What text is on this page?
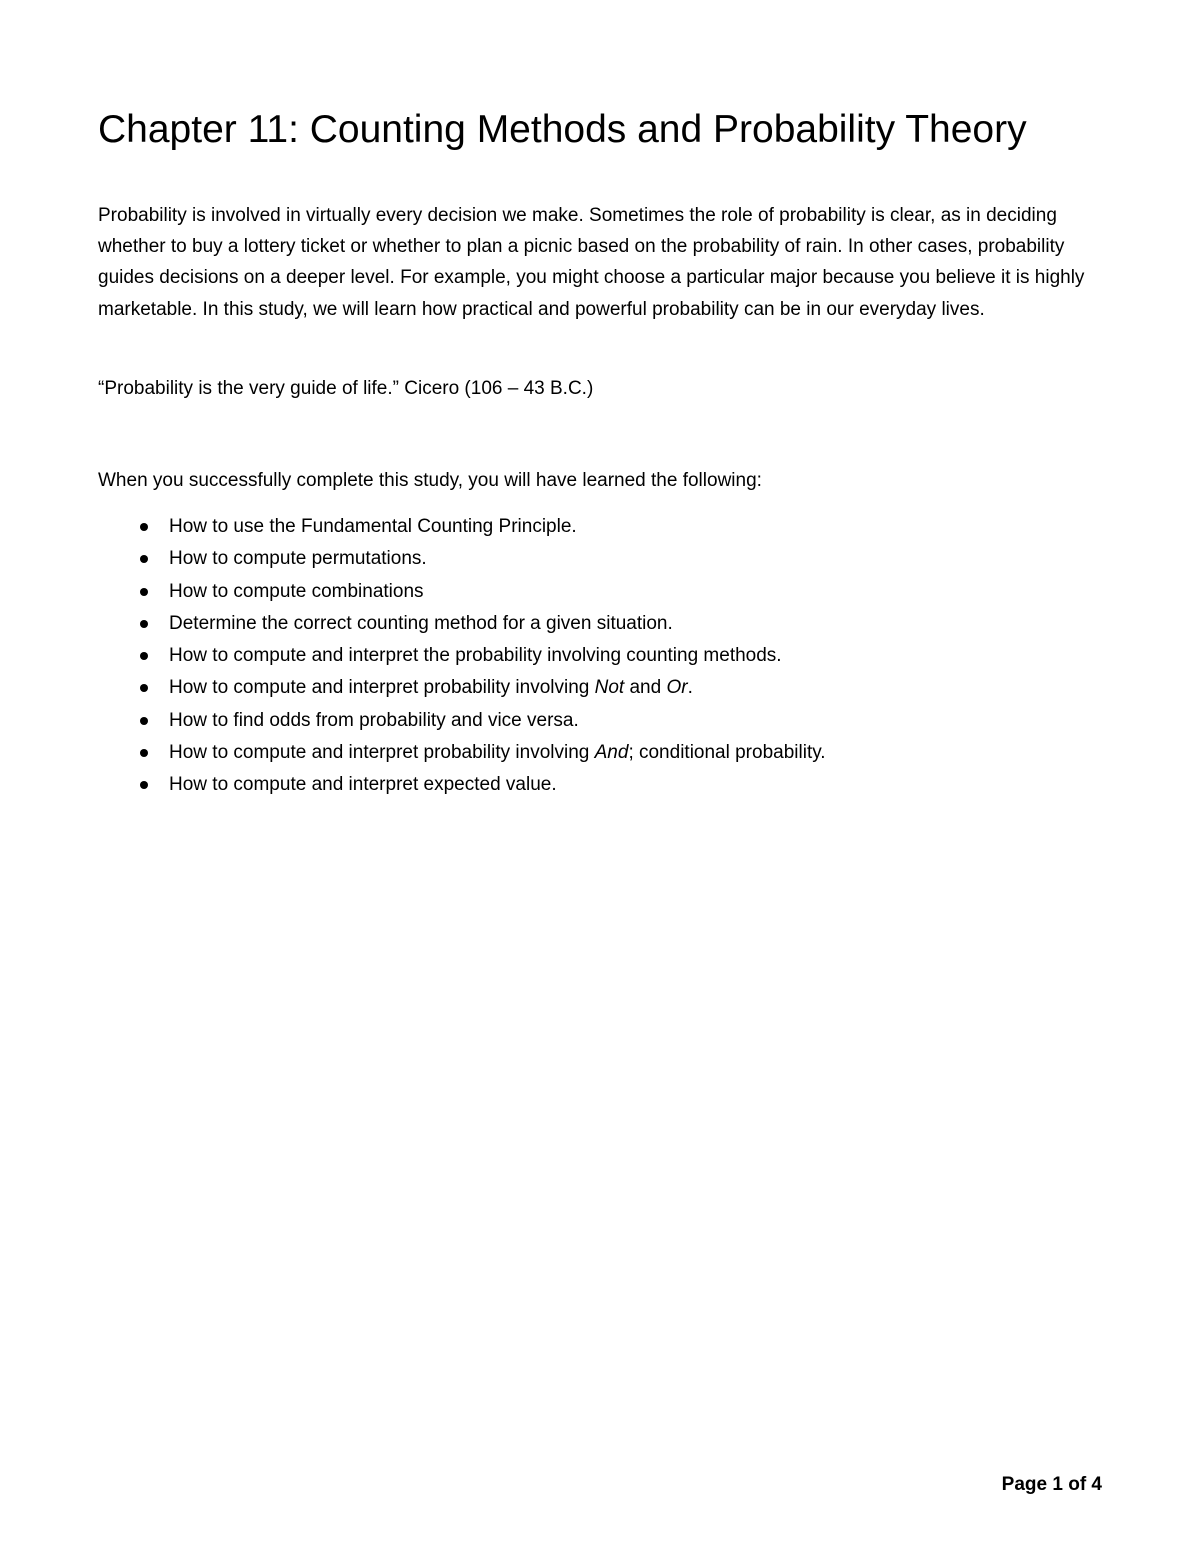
Chapter 11: Counting Methods and Probability Theory

Probability is involved in virtually every decision we make. Sometimes the role of probability is clear, as in deciding whether to buy a lottery ticket or whether to plan a picnic based on the probability of rain. In other cases, probability guides decisions on a deeper level. For example, you might choose a particular major because you believe it is highly marketable. In this study, we will learn how practical and powerful probability can be in our everyday lives.

“Probability is the very guide of life.” Cicero (106 – 43 B.C.)

When you successfully complete this study, you will have learned the following:

How to use the Fundamental Counting Principle.
How to compute permutations.
How to compute combinations
Determine the correct counting method for a given situation.
How to compute and interpret the probability involving counting methods.
How to compute and interpret probability involving Not and Or.
How to find odds from probability and vice versa.
How to compute and interpret probability involving And; conditional probability.
How to compute and interpret expected value.

Page 1 of 4
